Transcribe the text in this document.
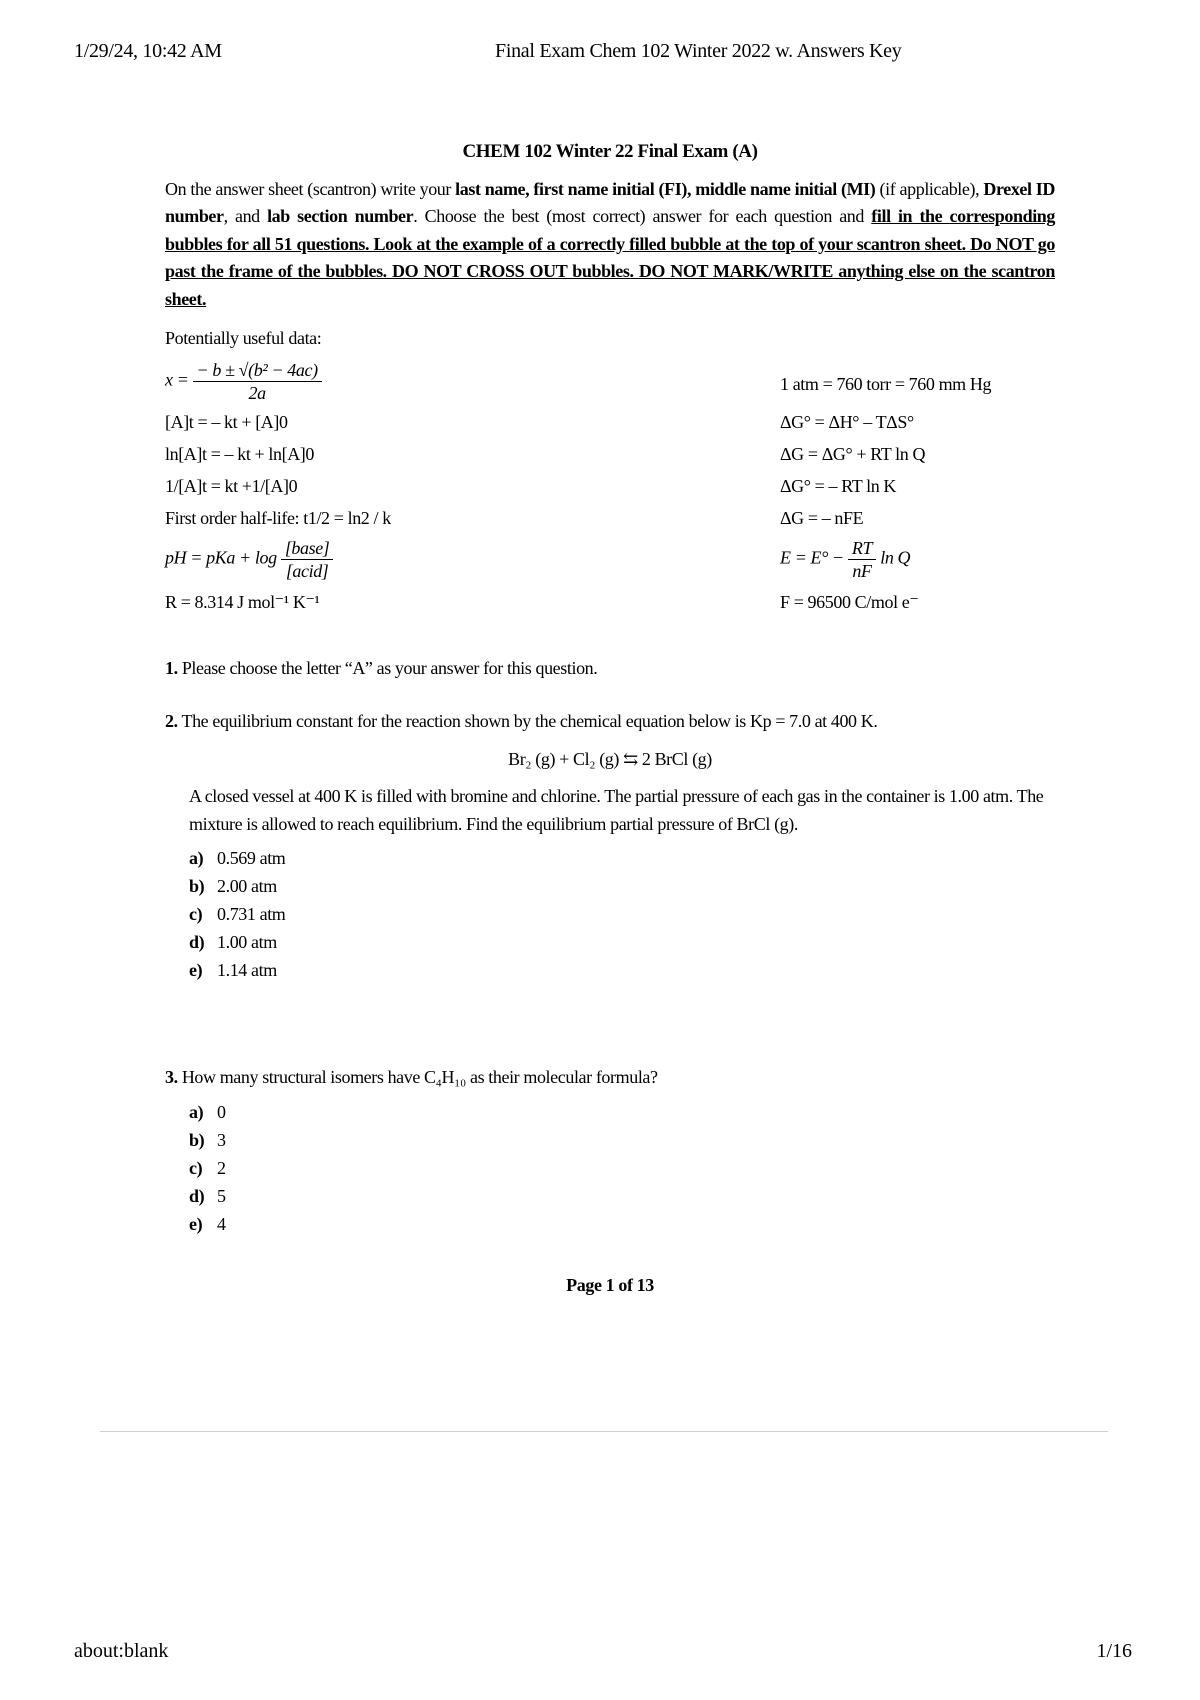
1/29/24, 10:42 AM	Final Exam Chem 102 Winter 2022 w. Answers Key
CHEM 102 Winter 22 Final Exam (A)

On the answer sheet (scantron) write your last name, first name initial (FI), middle name initial (MI) (if applicable), Drexel ID number, and lab section number. Choose the best (most correct) answer for each question and fill in the corresponding bubbles for all 51 questions. Look at the example of a correctly filled bubble at the top of your scantron sheet. Do NOT go past the frame of the bubbles. DO NOT CROSS OUT bubbles. DO NOT MARK/WRITE anything else on the scantron sheet.

Potentially useful data:
$x = \frac{\text{− b ± √(b² − 4ac)}}{2a}$	1 atm = 760 torr = 760 mm Hg
[A]t = – kt + [A]0	ΔG° = ΔH° – TΔS°
ln[A]t = – kt + ln[A]0	ΔG = ΔG° + RT ln Q
1/[A]t = kt +1/[A]0	ΔG° = – RT ln K
First order half-life: t1/2 = ln2 / k	ΔG = – nFE
pH = pKa + $\log \frac{\text{[base]}}{\text{[acid]}}$	$E = E^\circ - \frac{RT}{nF}$ ln Q
R = 8.314 J mol⁻¹ K⁻¹	F = 96500 C/mol e⁻
1. Please choose the letter “A” as your answer for this question.
2. The equilibrium constant for the reaction shown by the chemical equation below is Kp = 7.0 at 400 K.
Br₂ (g) + Cl₂ (g) ⇆ 2 BrCl (g)
A closed vessel at 400 K is filled with bromine and chlorine. The partial pressure of each gas in the container is 1.00 atm. The mixture is allowed to reach equilibrium. Find the equilibrium partial pressure of BrCl (g).
a) 0.569 atm
b) 2.00 atm
c) 0.731 atm
d) 1.00 atm
e) 1.14 atm
3. How many structural isomers have C₄H₁₀ as their molecular formula?
a) 0
b) 3
c) 2
d) 5
e) 4
Page 1 of 13
about:blank	1/16
